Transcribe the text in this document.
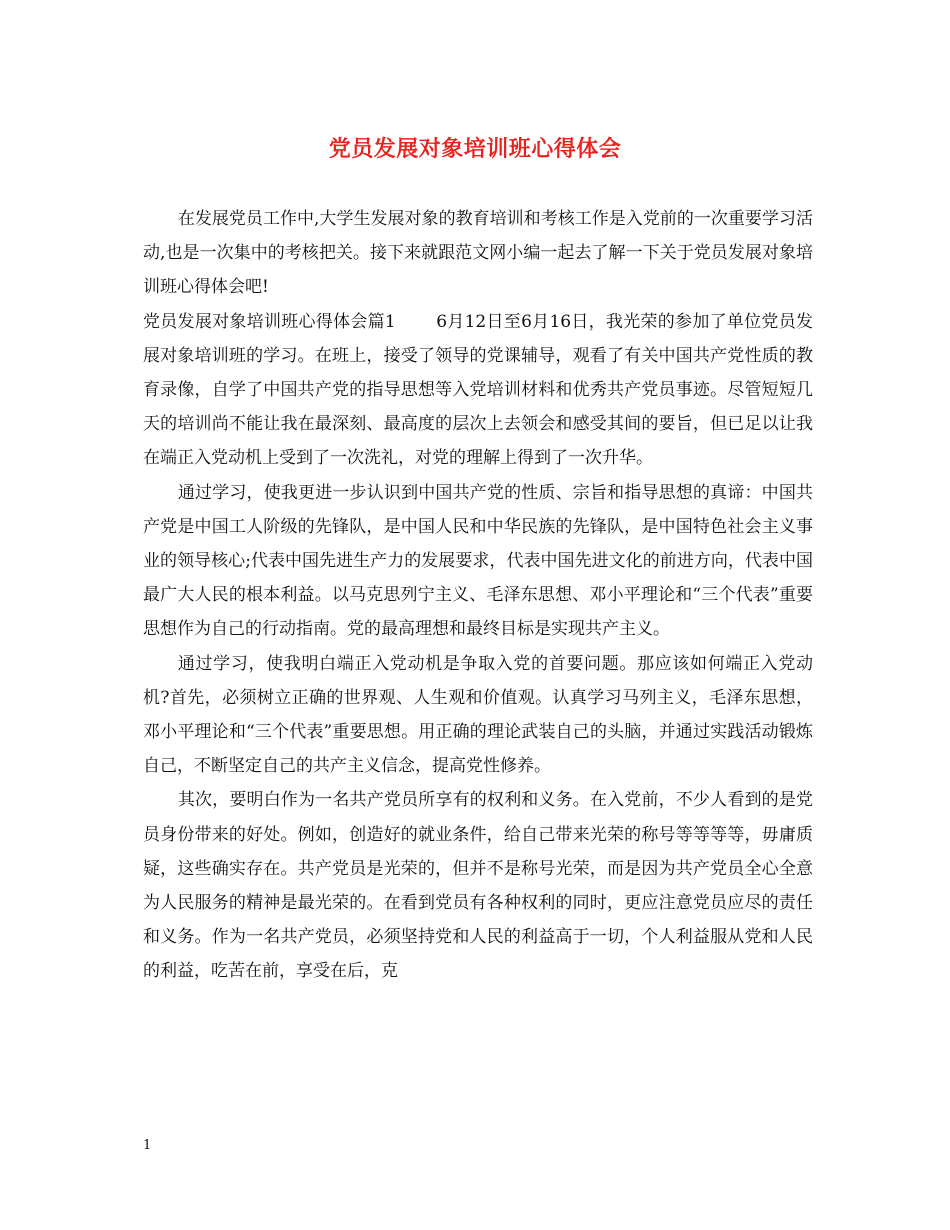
党员发展对象培训班心得体会

在发展党员工作中,大学生发展对象的教育培训和考核工作是入党前的一次重要学习活动,也是一次集中的考核把关。接下来就跟范文网小编一起去了解一下关于党员发展对象培训班心得体会吧!

党员发展对象培训班心得体会篇1　　 6月12日至6月16日，我光荣的参加了单位党员发展对象培训班的学习。在班上，接受了领导的党课辅导，观看了有关中国共产党性质的教育录像，自学了中国共产党的指导思想等入党培训材料和优秀共产党员事迹。尽管短短几天的培训尚不能让我在最深刻、最高度的层次上去领会和感受其间的要旨，但已足以让我在端正入党动机上受到了一次洗礼，对党的理解上得到了一次升华。

通过学习，使我更进一步认识到中国共产党的性质、宗旨和指导思想的真谛：中国共产党是中国工人阶级的先锋队，是中国人民和中华民族的先锋队，是中国特色社会主义事业的领导核心;代表中国先进生产力的发展要求，代表中国先进文化的前进方向，代表中国最广大人民的根本利益。以马克思列宁主义、毛泽东思想、邓小平理论和“三个代表”重要思想作为自己的行动指南。党的最高理想和最终目标是实现共产主义。

通过学习，使我明白端正入党动机是争取入党的首要问题。那应该如何端正入党动机?首先，必须树立正确的世界观、人生观和价值观。认真学习马列主义，毛泽东思想，邓小平理论和“三个代表”重要思想。用正确的理论武装自己的头脑，并通过实践活动锻炼自己，不断坚定自己的共产主义信念，提高党性修养。

其次，要明白作为一名共产党员所享有的权利和义务。在入党前，不少人看到的是党员身份带来的好处。例如，创造好的就业条件，给自己带来光荣的称号等等等等，毋庸质疑，这些确实存在。共产党员是光荣的，但并不是称号光荣，而是因为共产党员全心全意为人民服务的精神是最光荣的。在看到党员有各种权利的同时，更应注意党员应尽的责任和义务。作为一名共产党员，必须坚持党和人民的利益高于一切，个人利益服从党和人民的利益，吃苦在前，享受在后，克

1
